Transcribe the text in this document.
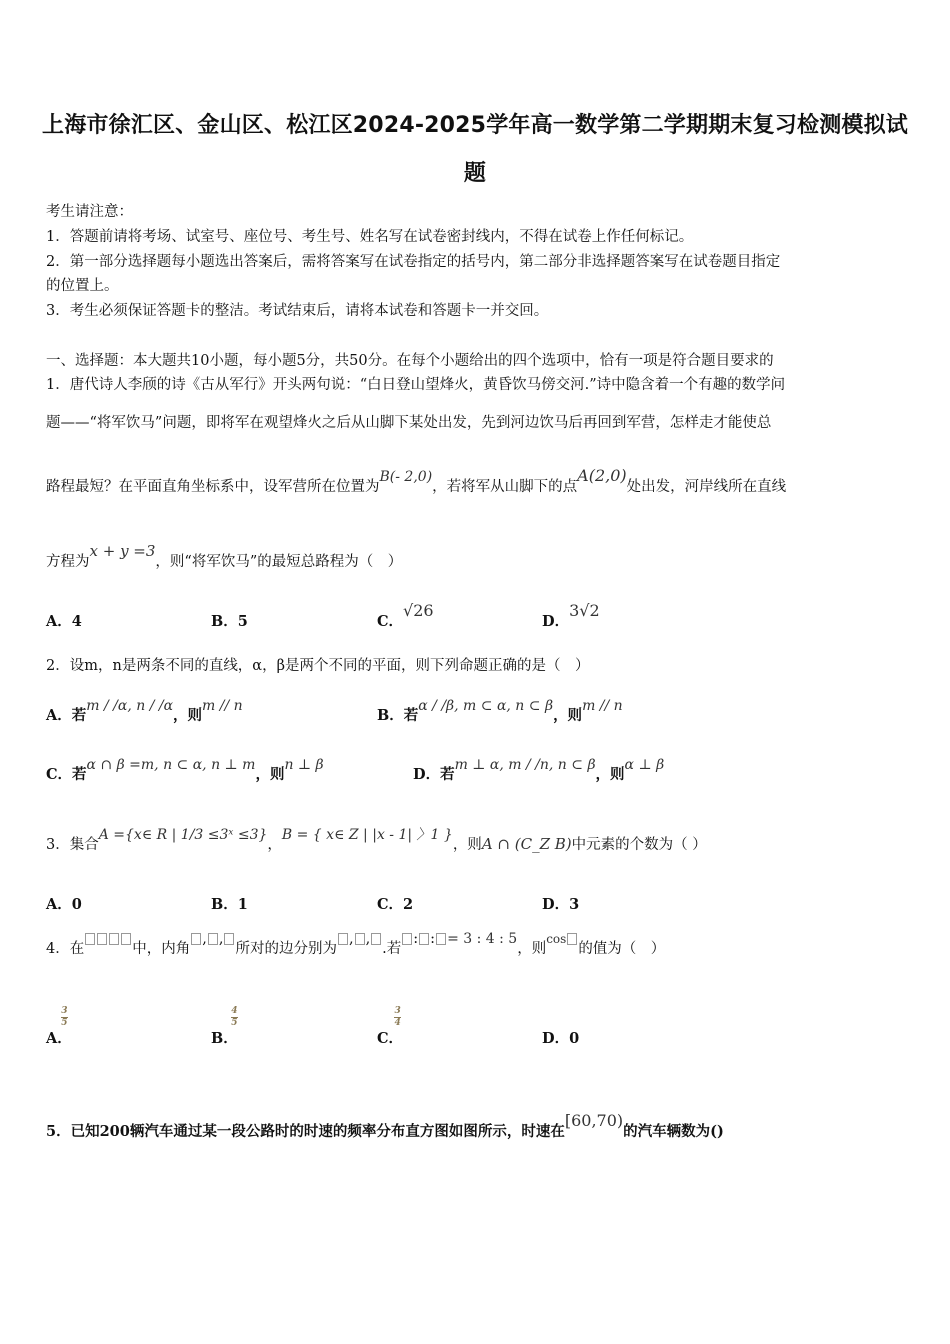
上海市徐汇区、金山区、松江区2024-2025学年高一数学第二学期期末复习检测模拟试
题
考生请注意：
1．答题前请将考场、试室号、座位号、考生号、姓名写在试卷密封线内，不得在试卷上作任何标记。
2．第一部分选择题每小题选出答案后，需将答案写在试卷指定的括号内，第二部分非选择题答案写在试卷题目指定
的位置上。
3．考生必须保证答题卡的整洁。考试结束后，请将本试卷和答题卡一并交回。
一、选择题：本大题共10小题，每小题5分，共50分。在每个小题给出的四个选项中，恰有一项是符合题目要求的
1．唐代诗人李颀的诗《古从军行》开头两句说：“白日登山望烽火，黄昏饮马傍交河.”诗中隐含着一个有趣的数学问
题——“将军饮马”问题，即将军在观望烽火之后从山脚下某处出发，先到河边饮马后再回到军营，怎样走才能使总
路程最短？在平面直角坐标系中，设军营所在位置为B(- 2,0)，若将军从山脚下的点A(2,0)处出发，河岸线所在直线
方程为x + y =3，则“将军饮马”的最短总路程为（　）
A．4	B．5	C．√26
D．3√2
2．设m，n是两条不同的直线，α，β是两个不同的平面，则下列命题正确的是（　）
A．若m / /α, n / /α，则m // n
B．若α / /β, m ⊂ α, n ⊂ β，则m // n
C．若α ∩ β =m, n ⊂ α, n ⊥ m，则n ⊥ β
D．若m ⊥ α, m / /n, n ⊂ β，则α ⊥ β
3．集合A ={x∈ R | 1/3 ≤3ˣ ≤3}，B = { x∈ Z | |x - 1| 〉1 }，则A ∩ (C_Z B)中元素的个数为（ ）
A．0	B．1	C．2	D．3
4．在	中，内角, ,所对的边分别为, ,.若: : = 3 : 4 : 5，则$^{cos}$的值为（　）
A．
$\frac{3}{5}$
B．
$\frac{4}{5}$
C．
$\frac{3}{4}$
D．0
5．已知200辆汽车通过某一段公路时的时速的频率分布直方图如图所示，时速在[60,70)的汽车辆数为()
